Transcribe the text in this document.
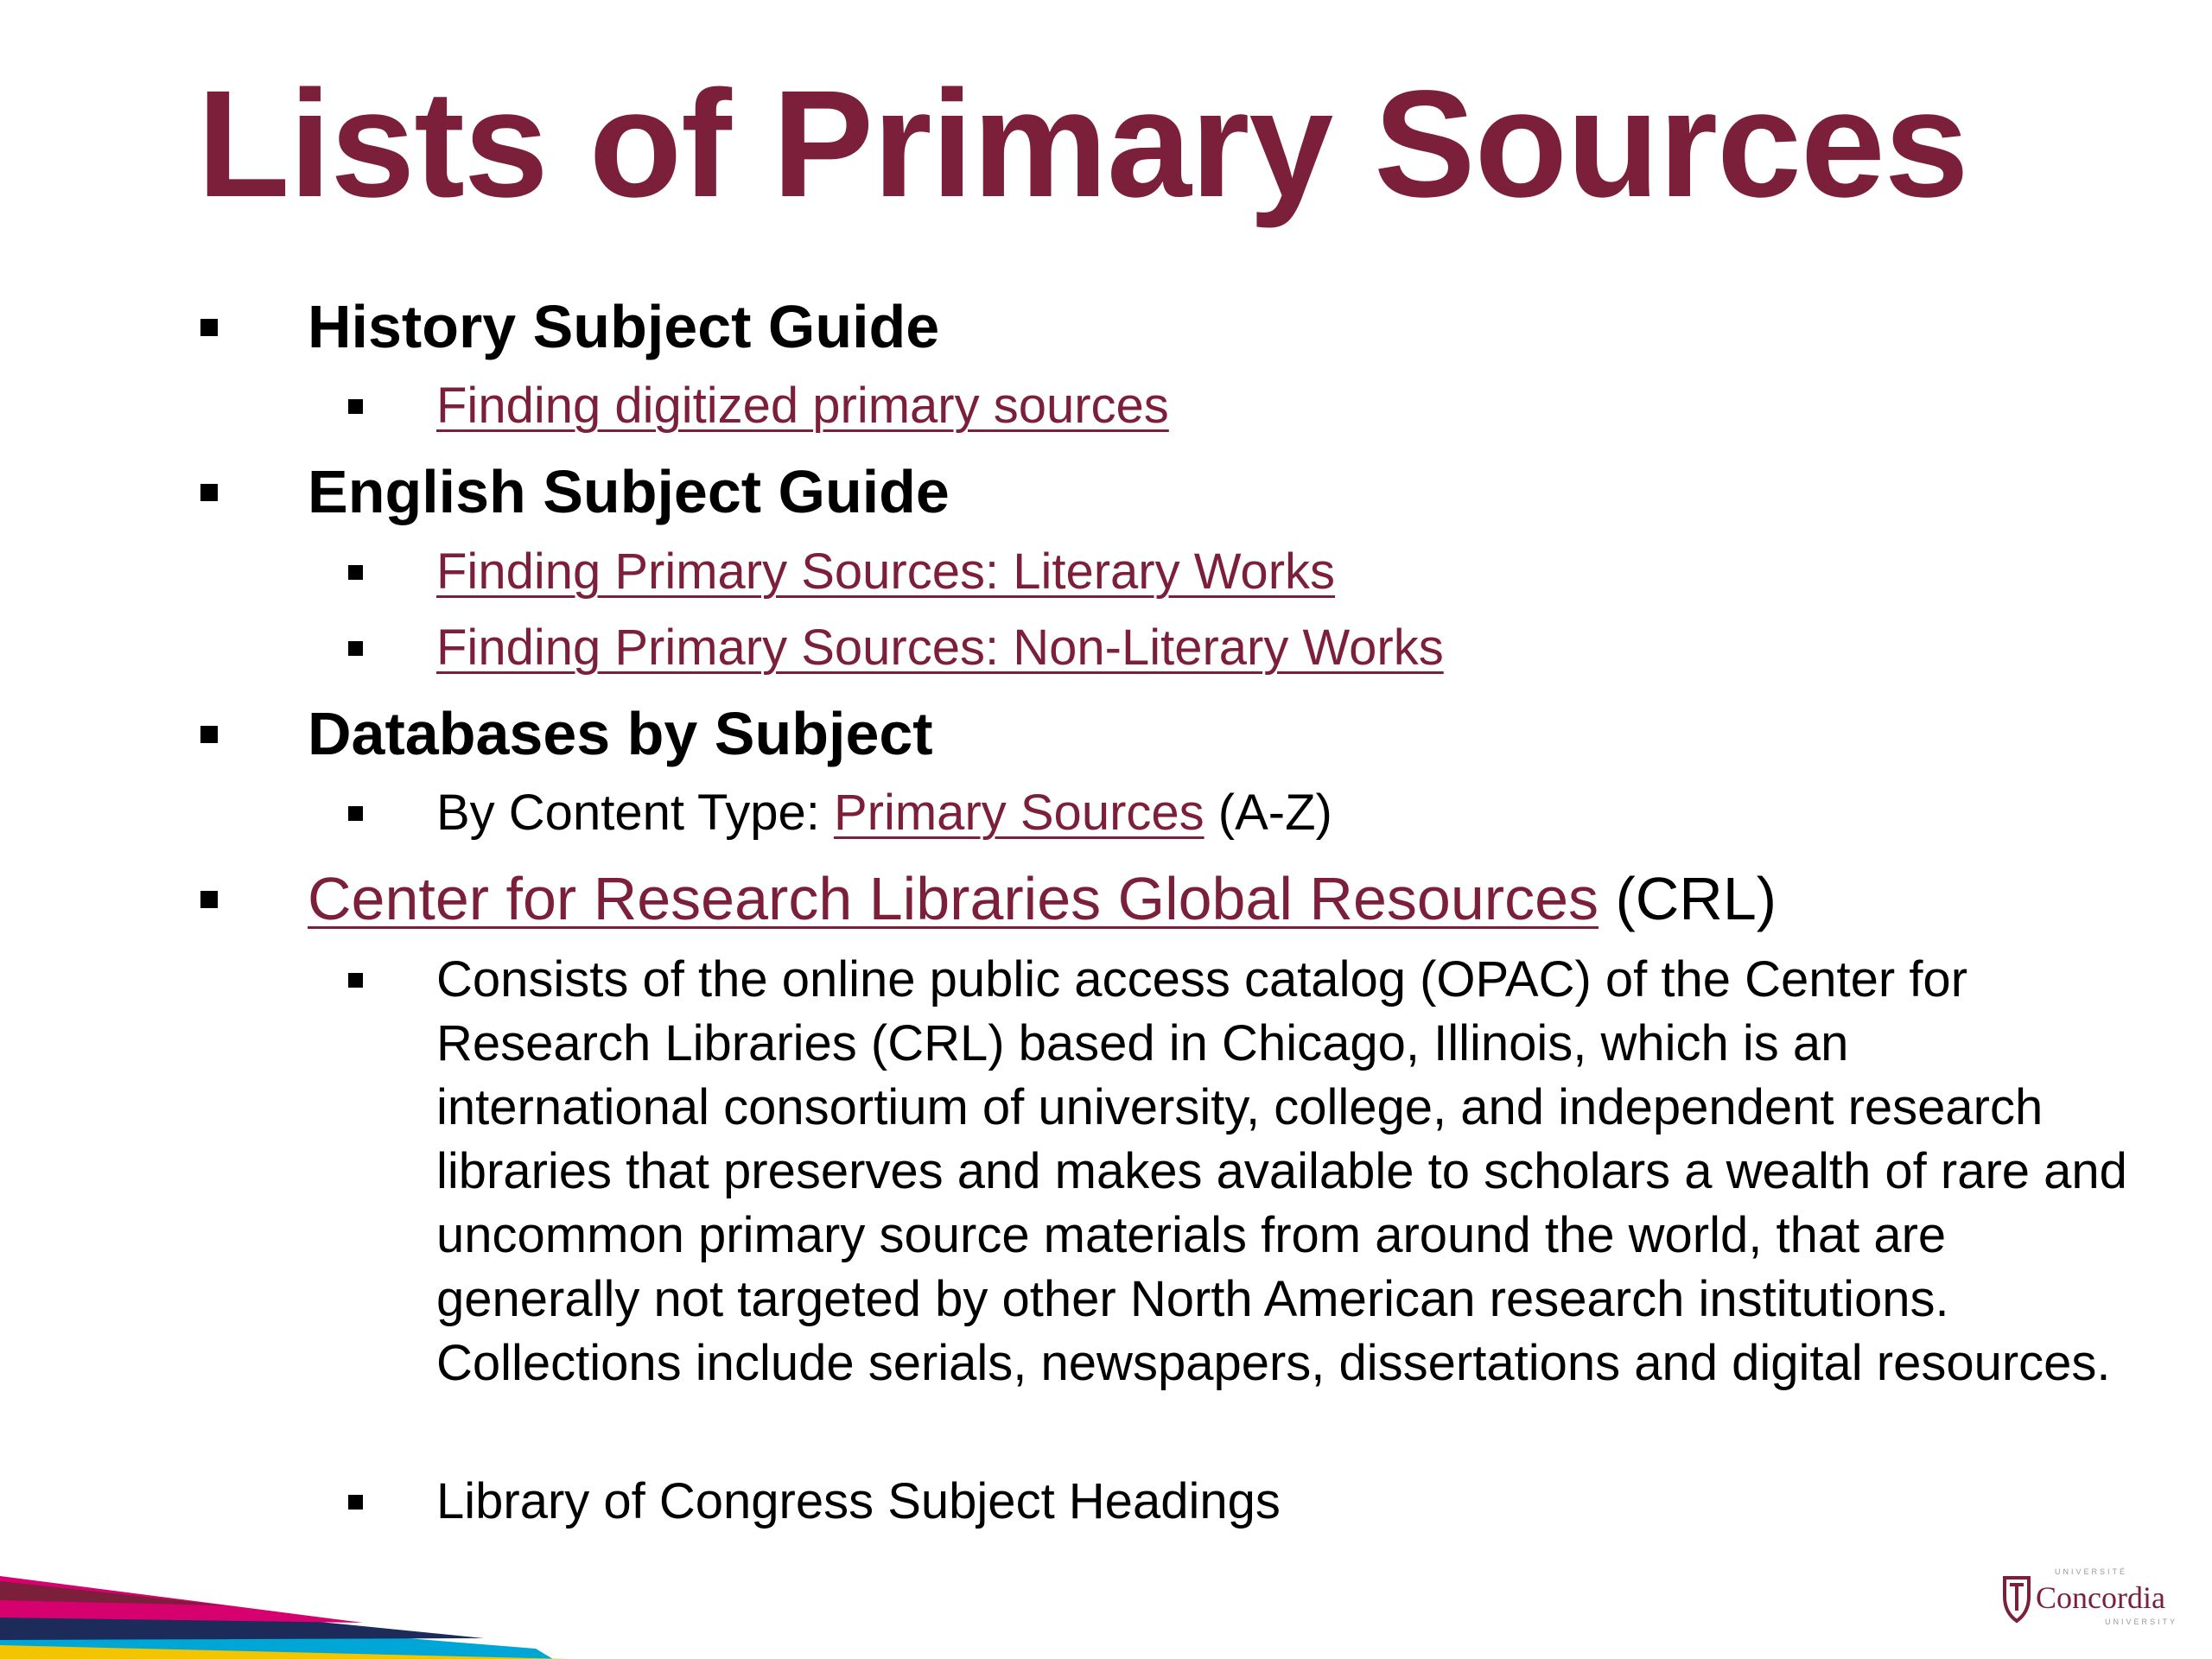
Lists of Primary Sources
History Subject Guide
Finding digitized primary sources
English Subject Guide
Finding Primary Sources: Literary Works
Finding Primary Sources: Non-Literary Works
Databases by Subject
By Content Type: Primary Sources (A-Z)
Center for Research Libraries Global Resources (CRL)
Consists of the online public access catalog (OPAC) of the Center for Research Libraries (CRL) based in Chicago, Illinois, which is an international consortium of university, college, and independent research libraries that preserves and makes available to scholars a wealth of rare and uncommon primary source materials from around the world, that are generally not targeted by other North American research institutions. Collections include serials, newspapers, dissertations and digital resources.
Library of Congress Subject Headings
UNIVERSITÉ
Concordia
UNIVERSITY
